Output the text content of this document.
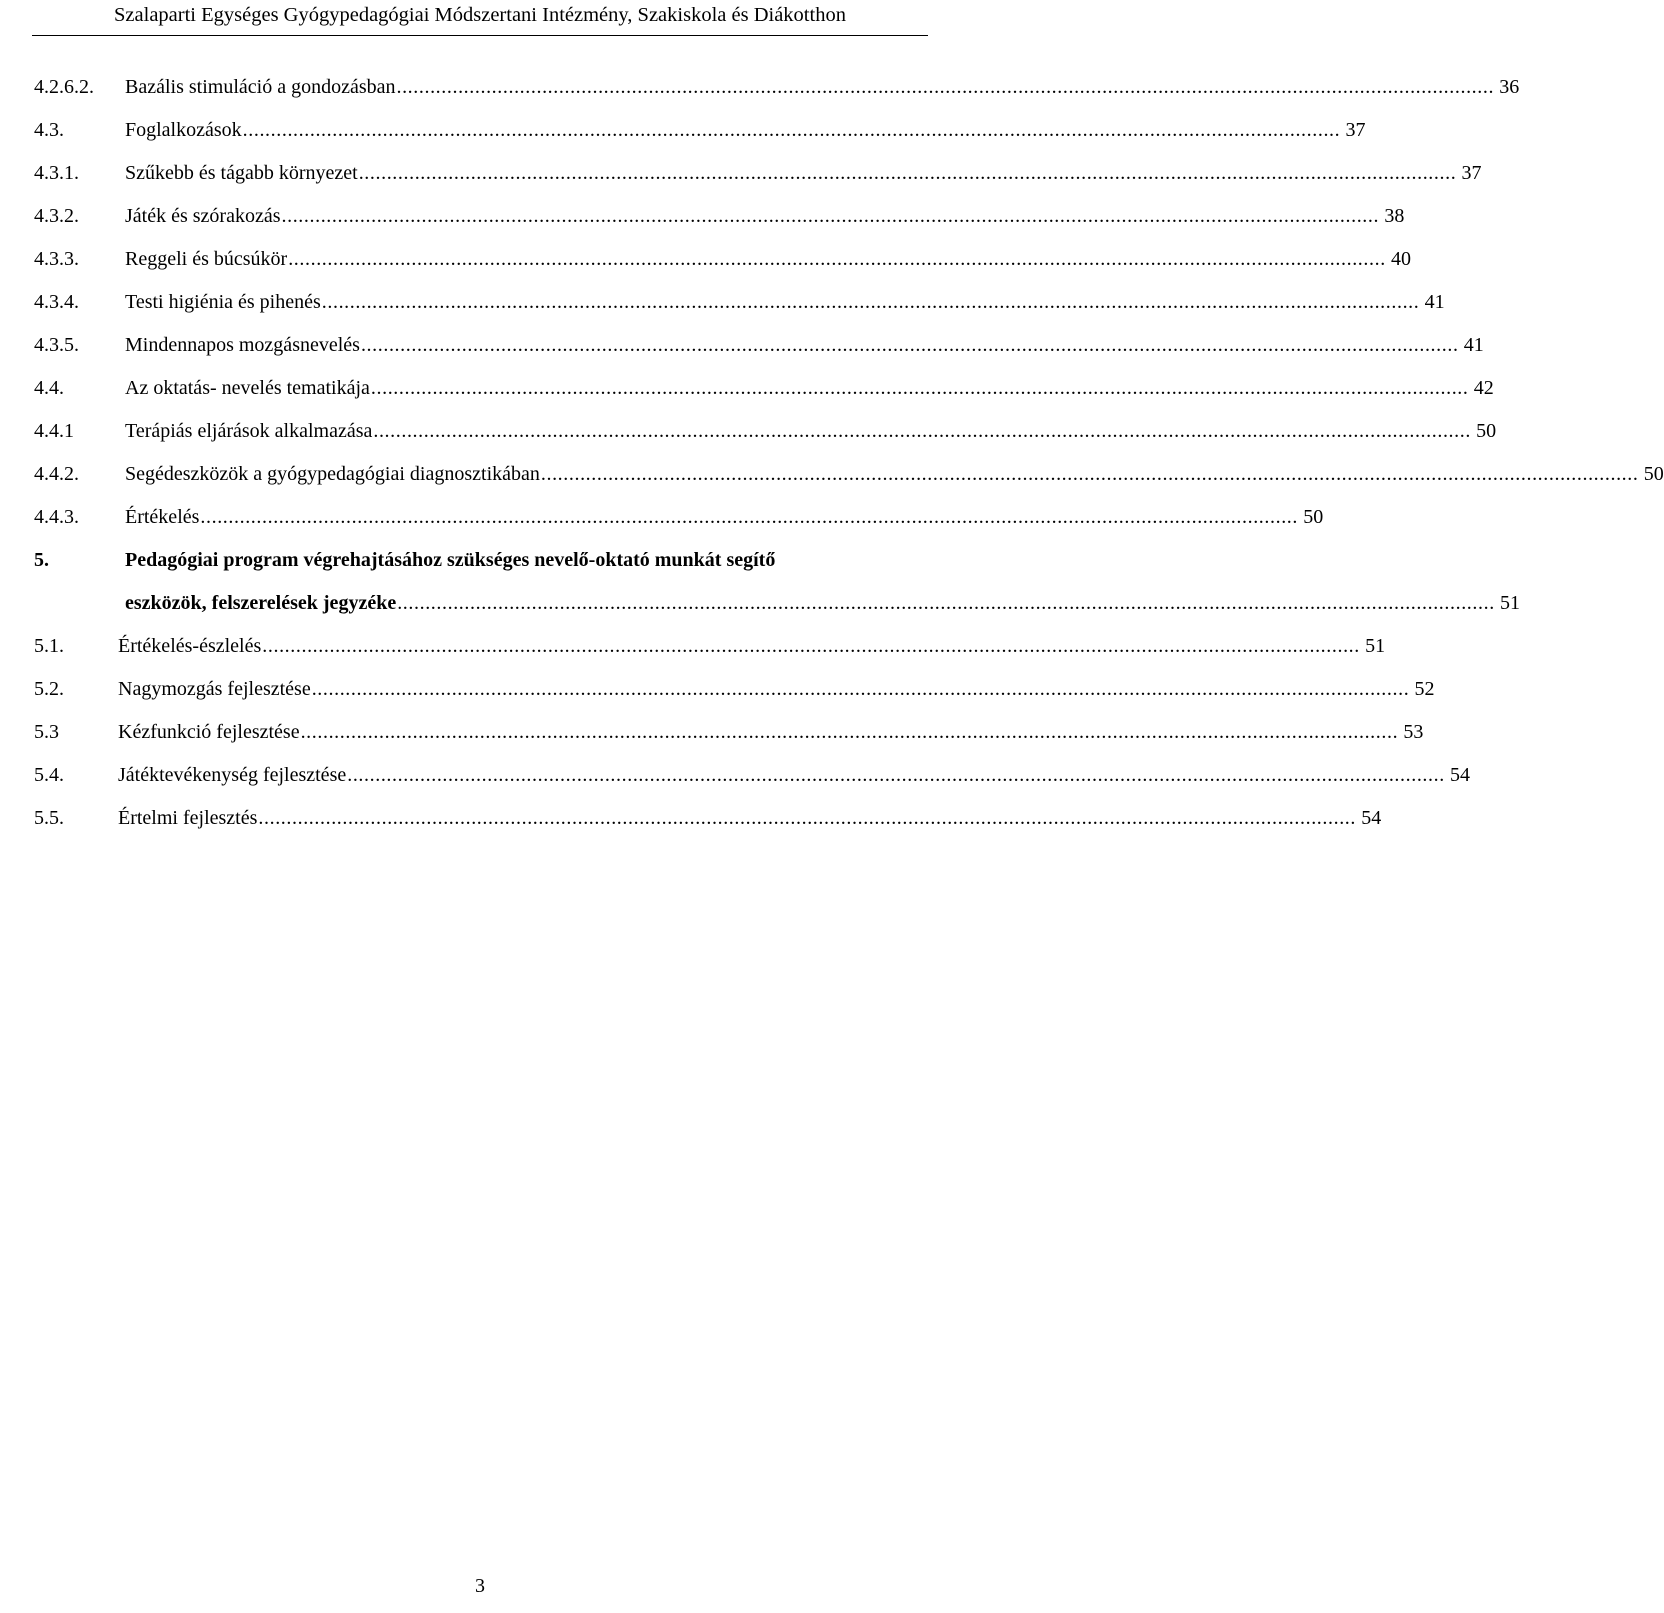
Szalaparti Egységes Gyógypedagógiai Módszertani Intézmény, Szakiskola és Diákotthon
4.2.6.2.	Bazális stimuláció a gondozásban . . .	36
4.3.	Foglalkozások . . .	37
4.3.1.	Szűkebb és tágabb környezet . . .	37
4.3.2.	Játék és szórakozás . . .	38
4.3.3.	Reggeli és búcsúkör . . .	40
4.3.4.	Testi higiénia és pihenés . . .	41
4.3.5.	Mindennapos mozgásnevelés . . .	41
4.4.	Az oktatás- nevelés tematikája . . .	42
4.4.1	Terápiás eljárások alkalmazása . . .	50
4.4.2.	Segédeszközök a gyógypedagógiai diagnosztikában . . .	50
4.4.3.	Értékelés . . .	50
5.	Pedagógiai program végrehajtásához szükséges nevelő-oktató munkát segítő
eszközök, felszerelések jegyzéke . . .	51
5.1.	Értékelés-észlelés . . .	51
5.2.	Nagymozgás fejlesztése . . .	52
5.3	Kézfunkció fejlesztése . . .	53
5.4.	Játéktevékenység fejlesztése . . .	54
5.5.	Értelmi fejlesztés . . .	54
3
